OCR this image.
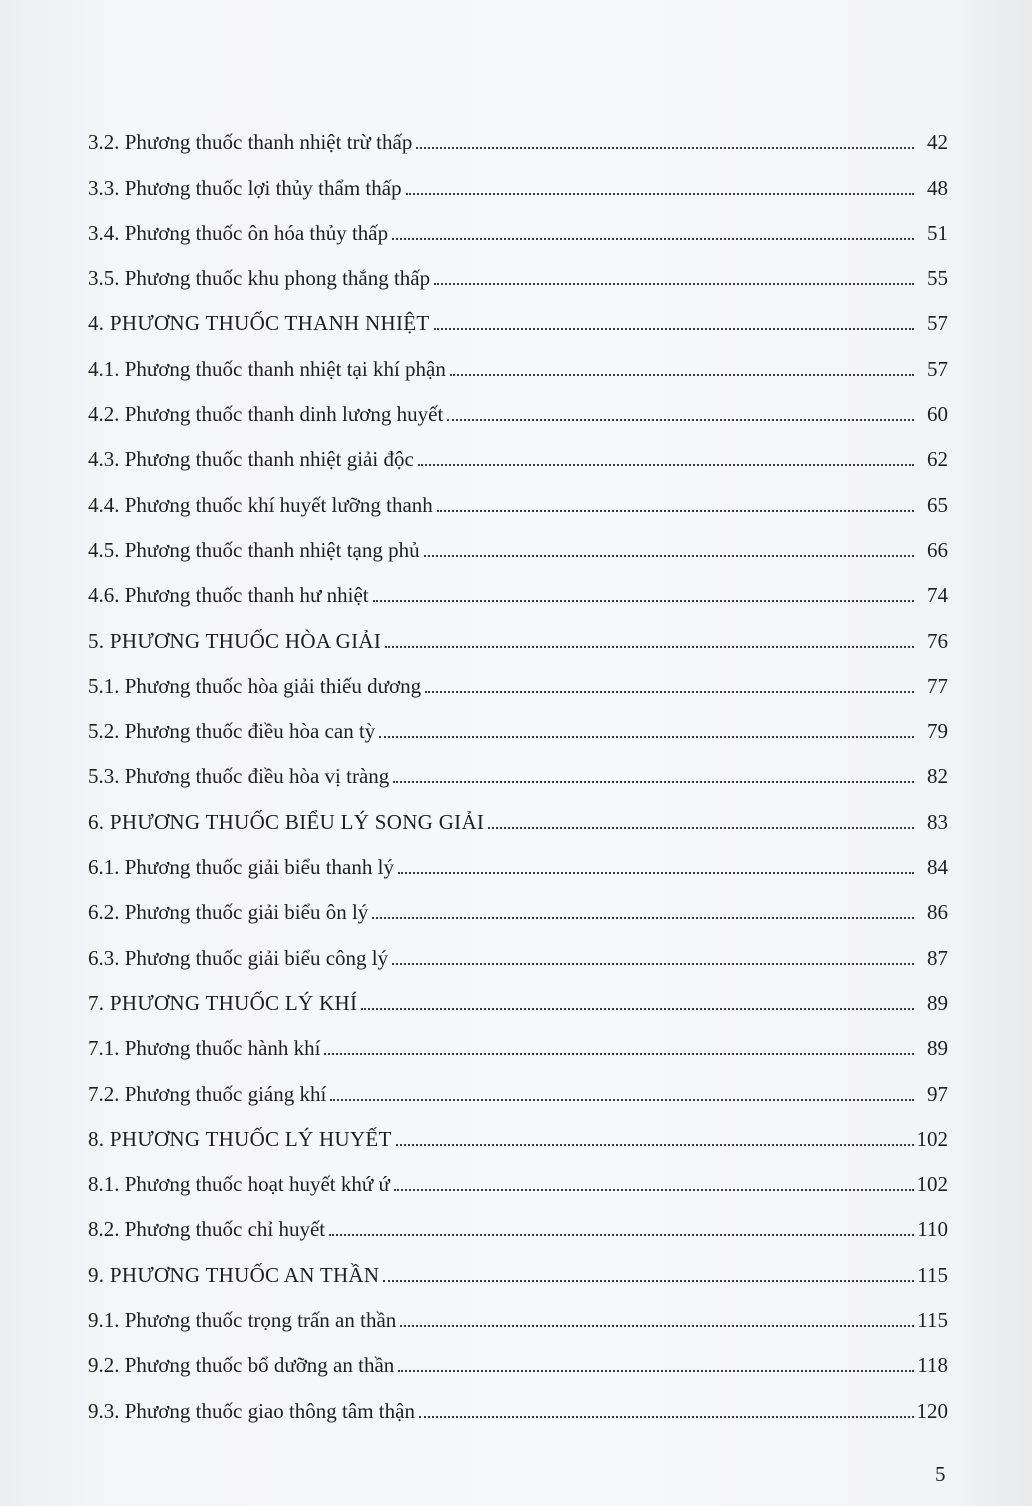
3.2. Phương thuốc thanh nhiệt trừ thấp	42
3.3. Phương thuốc lợi thủy thẩm thấp	48
3.4. Phương thuốc ôn hóa thủy thấp	51
3.5. Phương thuốc khu phong thắng thấp	55
4. PHƯƠNG THUỐC THANH NHIỆT	57
4.1. Phương thuốc thanh nhiệt tại khí phận	57
4.2. Phương thuốc thanh dinh lương huyết	60
4.3. Phương thuốc thanh nhiệt giải độc	62
4.4. Phương thuốc khí huyết lưỡng thanh	65
4.5. Phương thuốc thanh nhiệt tạng phủ	66
4.6. Phương thuốc thanh hư nhiệt	74
5. PHƯƠNG THUỐC HÒA GIẢI	76
5.1. Phương thuốc hòa giải thiếu dương	77
5.2. Phương thuốc điều hòa can tỳ	79
5.3. Phương thuốc điều hòa vị tràng	82
6. PHƯƠNG THUỐC BIỂU LÝ SONG GIẢI	83
6.1. Phương thuốc giải biểu thanh lý	84
6.2. Phương thuốc giải biểu ôn lý	86
6.3. Phương thuốc giải biểu công lý	87
7. PHƯƠNG THUỐC LÝ KHÍ	89
7.1. Phương thuốc hành khí	89
7.2. Phương thuốc giáng khí	97
8. PHƯƠNG THUỐC LÝ HUYẾT	102
8.1. Phương thuốc hoạt huyết khứ ứ	102
8.2. Phương thuốc chỉ huyết	110
9. PHƯƠNG THUỐC AN THẦN	115
9.1. Phương thuốc trọng trấn an thần	115
9.2. Phương thuốc bổ dưỡng an thần	118
9.3. Phương thuốc giao thông tâm thận	120
5
